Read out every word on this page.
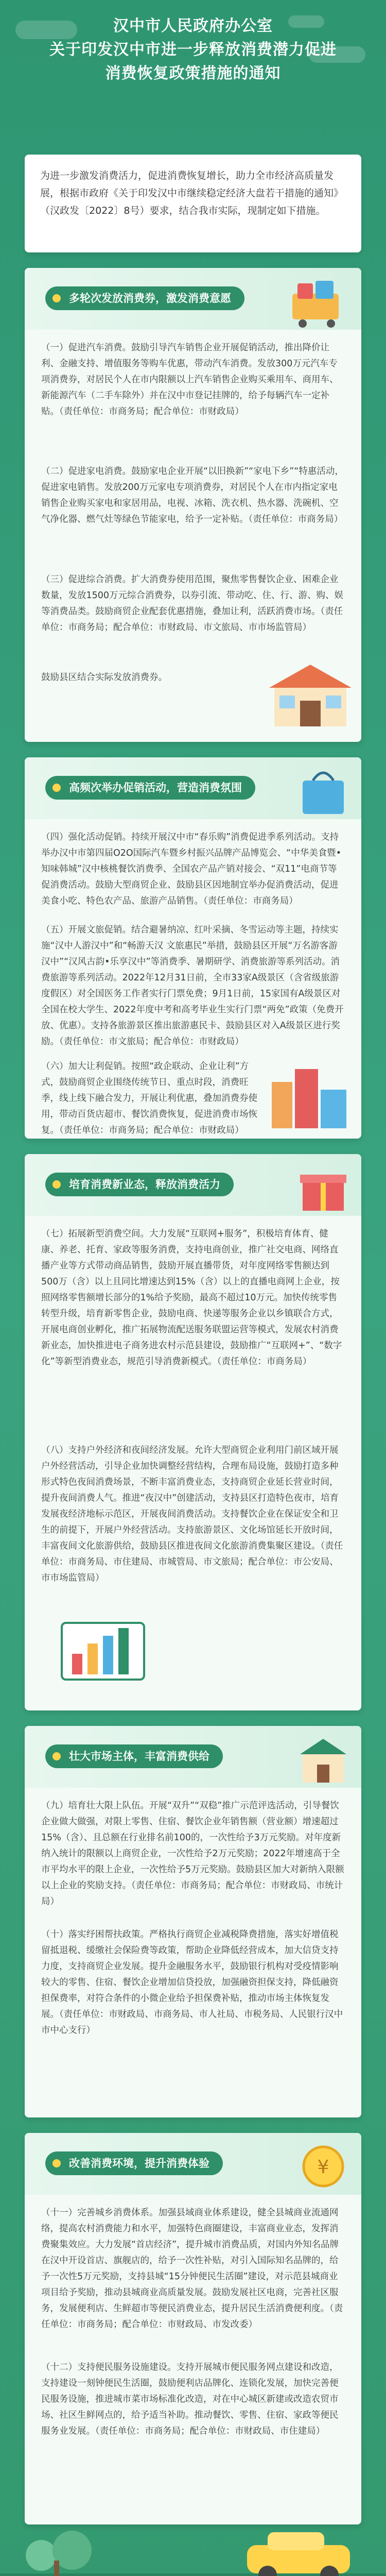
汉中市人民政府办公室
关于印发汉中市进一步释放消费潜力促进
消费恢复政策措施的通知
为进一步激发消费活力，促进消费恢复增长，助力全市经济高质量发展，根据市政府《关于印发汉中市继续稳定经济大盘若干措施的通知》（汉政发〔2022〕8号）要求，结合我市实际，现制定如下措施。
多轮次发放消费券，激发消费意愿
（一）促进汽车消费。鼓励引导汽车销售企业开展促销活动，推出降价让利、金融支持、增值服务等购车优惠，带动汽车消费。发放300万元汽车专项消费券，对居民个人在市内限额以上汽车销售企业购买乘用车、商用车、新能源汽车（二手车除外）并在汉中市登记挂牌的，给予每辆汽车一定补贴。（责任单位：市商务局；配合单位：市财政局）
（二）促进家电消费。鼓励家电企业开展“以旧换新”“家电下乡”“特惠活动，促进家电销售。发放200万元家电专项消费券，对居民个人在市内指定家电销售企业购买家电和家居用品，电视、冰箱、洗衣机、热水器、洗碗机、空气净化器、燃气灶等绿色节能家电，给予一定补贴。（责任单位：市商务局）
（三）促进综合消费。扩大消费券使用范围，聚焦零售餐饮企业、困难企业数量，发放1500万元综合消费券，以券引流、带动吃、住、行、游、购、娱等消费品类。鼓励商贸企业配套优惠措施，叠加让利，活跃消费市场。（责任单位：市商务局；配合单位：市财政局、市文旅局、市市场监管局）
鼓励县区结合实际发放消费券。
高频次举办促销活动，营造消费氛围
（四）强化活动促销。持续开展汉中市“春乐购”消费促进季系列活动。支持举办汉中市第四届O2O国际汽车暨乡村振兴品牌产品博览会、“中华美食暨•知味韩城”汉中核桃餐饮消费季、全国农产品产销对接会、“双11”电商节等促消费活动。鼓励大型商贸企业、鼓励县区因地制宜举办促消费活动，促进美食小吃、特色农产品、旅游产品销售。（责任单位：市商务局）
（五）开展文旅促销。结合避暑纳凉、红叶采摘、冬雪运动等主题，持续实施“汉中人游汉中”和“畅游天汉 文旅惠民”举措，鼓励县区开展“万名游客游汉中”“汉风古韵•乐享汉中”等消费季、暑期研学、消费旅游等系列活动。消费旅游等系列活动。2022年12月31日前，全市33家A级景区（含省级旅游度假区）对全国医务工作者实行门票免费；9月1日前，15家国有A级景区对全国在校大学生、2022年度中考和高考毕业生实行门票“两免”政策（免费开放、优惠）。支持各旅游景区推出旅游惠民卡、鼓励县区对入A级景区进行奖励。（责任单位：市文旅局；配合单位：市财政局）
（六）加大让利促销。按照“政企联动、企业让利”方式，鼓励商贸企业围绕传统节日、重点时段，消费旺季，线上线下融合发力，开展让利优惠，叠加消费券使用，带动百货店超市、餐饮消费恢复，促进消费市场恢复。（责任单位：市商务局；配合单位：市财政局）
培育消费新业态，释放消费活力
（七）拓展新型消费空间。大力发展“互联网+服务”，积极培育体育、健康、养老、托育、家政等服务消费，支持电商创业，推广社交电商、网络直播产业等方式带动商品销售，鼓励开展直播带货，对年度网络零售额达到500万（含）以上且同比增速达到15%（含）以上的直播电商网上企业，按照网络零售额增长部分的1%给予奖励，最高不超过10万元。加快传统零售转型升级，培育新零售企业，鼓励电商、快递等服务企业以乡镇联合方式，开展电商创业孵化，推广拓展物流配送服务联盟运营等模式，发展农村消费新业态，加快推进电子商务进农村示范县建设，鼓励推广“互联网+”、“数字化”等新型消费业态，规范引导消费新模式。（责任单位：市商务局）
（八）支持户外经济和夜间经济发展。允许大型商贸企业利用门前区域开展户外经营活动，引导企业加快调整经营结构，合理布局设施，鼓励打造多种形式特色夜间消费场景，不断丰富消费业态，支持商贸企业延长营业时间，提升夜间消费人气。推进“夜汉中”创建活动，支持县区打造特色夜市，培育发展夜经济地标示范区，开展夜间消费活动。支持餐饮企业在保证安全和卫生的前提下，开展户外经营活动。支持旅游景区、文化场馆延长开放时间，丰富夜间文化旅游供给，鼓励县区推进夜间文化旅游消费集聚区建设。（责任单位：市商务局、市住建局、市城管局、市文旅局；配合单位：市公安局、市市场监管局）
壮大市场主体，丰富消费供给
（九）培育壮大限上队伍。开展“双升”“双稳”推广示范评选活动，引导餐饮企业做大做强，对限上零售、住宿、餐饮企业年销售额（营业额）增速超过15%（含）、且总额在行业排名前100的，一次性给予3万元奖励。对年度新纳入统计的限额以上商贸企业，一次性给予2万元奖励；2022年增速高于全市平均水平的限上企业，一次性给予5万元奖励。鼓励县区加大对新纳入限额以上企业的奖励支持。（责任单位：市商务局；配合单位：市财政局、市统计局）
（十）落实纾困帮扶政策。严格执行商贸企业减税降费措施，落实好增值税留抵退税、缓缴社会保险费等政策，帮助企业降低经营成本，加大信贷支持力度，支持商贸企业发展。提升金融服务水平，鼓励银行机构对受疫情影响较大的零售、住宿、餐饮企业增加信贷投放，加强融资担保支持，降低融资担保费率，对符合条件的小微企业给予担保费补贴，推动市场主体恢复发展。（责任单位：市财政局、市商务局、市人社局、市税务局、人民银行汉中市中心支行）
改善消费环境，提升消费体验	¥
（十一）完善城乡消费体系。加强县域商业体系建设，健全县城商业流通网络，提高农村消费能力和水平，加强特色商圈建设，丰富商业业态，发挥消费聚集效应。大力发展“首店经济”，提升城市消费品质，对国内外知名品牌在汉中开设首店、旗舰店的，给予一次性补贴，对引入国际知名品牌的，给予一次性5万元奖励，支持县城“15分钟便民生活圈”建设，对示范县城商业项目给予奖励，推动县城商业高质量发展。鼓励发展社区电商，完善社区服务，发展便利店、生鲜超市等便民消费业态，提升居民生活消费便利度。（责任单位：市商务局；配合单位：市财政局、市发改委）
（十二）支持便民服务设施建设。支持开展城市便民服务网点建设和改造，支持建设一刻钟便民生活圈，鼓励便利店品牌化、连锁化发展，加快完善便民服务设施，推进城市菜市场标准化改造，对在中心城区新建或改造农贸市场、社区生鲜网点的，给予适当补助。推动餐饮、零售、住宿、家政等便民服务业发展。（责任单位：市商务局；配合单位：市财政局、市住建局）
